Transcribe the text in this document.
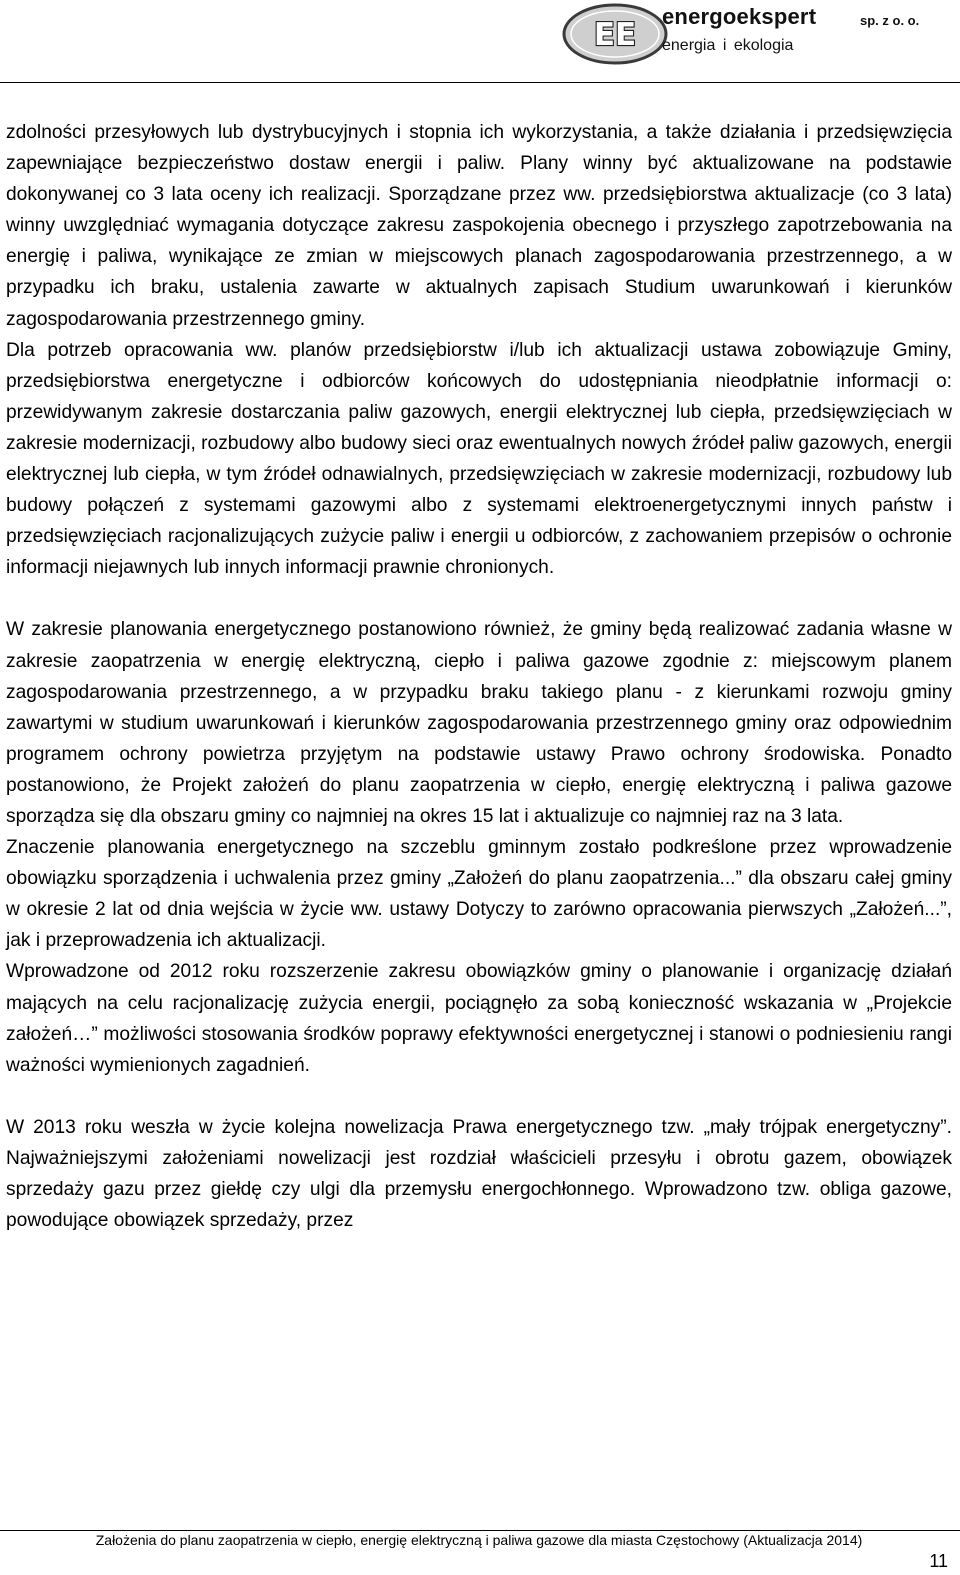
EE
energoekspert	sp. z o. o.
energia i ekologia

zdolności przesyłowych lub dystrybucyjnych i stopnia ich wykorzystania, a także działania i przedsięwzięcia zapewniające bezpieczeństwo dostaw energii i paliw. Plany winny być aktualizowane na podstawie dokonywanej co 3 lata oceny ich realizacji. Sporządzane przez ww. przedsiębiorstwa aktualizacje (co 3 lata) winny uwzględniać wymagania dotyczące zakresu zaspokojenia obecnego i przyszłego zapotrzebowania na energię i paliwa, wynikające ze zmian w miejscowych planach zagospodarowania przestrzennego, a w przypadku ich braku, ustalenia zawarte w aktualnych zapisach Studium uwarunkowań i kierunków zagospodarowania przestrzennego gminy.

Dla potrzeb opracowania ww. planów przedsiębiorstw i/lub ich aktualizacji ustawa zobowiązuje Gminy, przedsiębiorstwa energetyczne i odbiorców końcowych do udostępniania nieodpłatnie informacji o: przewidywanym zakresie dostarczania paliw gazowych, energii elektrycznej lub ciepła, przedsięwzięciach w zakresie modernizacji, rozbudowy albo budowy sieci oraz ewentualnych nowych źródeł paliw gazowych, energii elektrycznej lub ciepła, w tym źródeł odnawialnych, przedsięwzięciach w zakresie modernizacji, rozbudowy lub budowy połączeń z systemami gazowymi albo z systemami elektroenergetycznymi innych państw i przedsięwzięciach racjonalizujących zużycie paliw i energii u odbiorców, z zachowaniem przepisów o ochronie informacji niejawnych lub innych informacji prawnie chronionych.

W zakresie planowania energetycznego postanowiono również, że gminy będą realizować zadania własne w zakresie zaopatrzenia w energię elektryczną, ciepło i paliwa gazowe zgodnie z: miejscowym planem zagospodarowania przestrzennego, a w przypadku braku takiego planu - z kierunkami rozwoju gminy zawartymi w studium uwarunkowań i kierunków zagospodarowania przestrzennego gminy oraz odpowiednim programem ochrony powietrza przyjętym na podstawie ustawy Prawo ochrony środowiska. Ponadto postanowiono, że Projekt założeń do planu zaopatrzenia w ciepło, energię elektryczną i paliwa gazowe sporządza się dla obszaru gminy co najmniej na okres 15 lat i aktualizuje co najmniej raz na 3 lata.

Znaczenie planowania energetycznego na szczeblu gminnym zostało podkreślone przez wprowadzenie obowiązku sporządzenia i uchwalenia przez gminy „Założeń do planu zaopatrzenia...” dla obszaru całej gminy w okresie 2 lat od dnia wejścia w życie ww. ustawy Dotyczy to zarówno opracowania pierwszych „Założeń...”, jak i przeprowadzenia ich aktualizacji.

Wprowadzone od 2012 roku rozszerzenie zakresu obowiązków gminy o planowanie i organizację działań mających na celu racjonalizację zużycia energii, pociągnęło za sobą konieczność wskazania w „Projekcie założeń…” możliwości stosowania środków poprawy efektywności energetycznej i stanowi o podniesieniu rangi ważności wymienionych zagadnień.

W 2013 roku weszła w życie kolejna nowelizacja Prawa energetycznego tzw. „mały trójpak energetyczny”. Najważniejszymi założeniami nowelizacji jest rozdział właścicieli przesyłu i obrotu gazem, obowiązek sprzedaży gazu przez giełdę czy ulgi dla przemysłu energochłonnego. Wprowadzono tzw. obliga gazowe, powodujące obowiązek sprzedaży, przez

Założenia do planu zaopatrzenia w ciepło, energię elektryczną i paliwa gazowe dla miasta Częstochowy (Aktualizacja 2014)
11
